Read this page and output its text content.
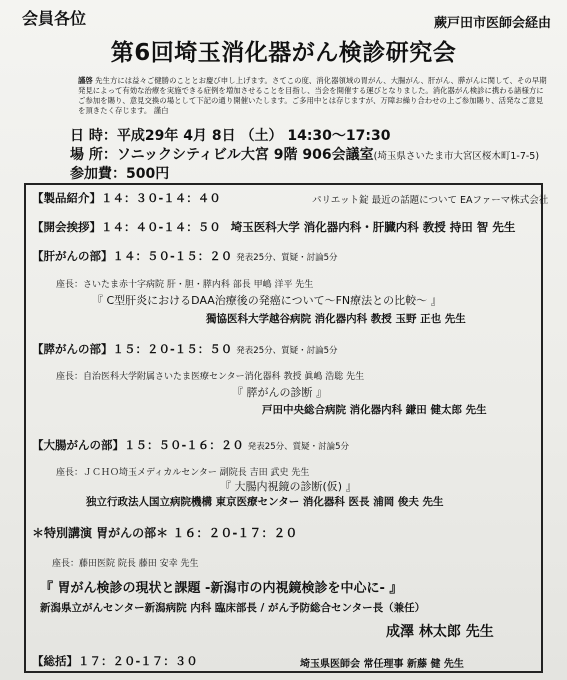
会員各位	蕨戸田市医師会経由
第6回埼玉消化器がん検診研究会
謹啓 先生方には益々ご健勝のこととお慶び申し上げます。さてこの度、消化器領域の胃がん、大腸がん、肝がん、膵がんに関して、その早期発見によって有効な治療を実施できる症例を増加させることを目指し、当会を開催する運びとなりました。消化器がん検診に携わる諸様方にご参加を賜り、意見交換の場として下記の通り開催いたします。ご多用中とは存じますが、万障お繰り合わせの上ご参加賜り、活発なご意見を頂きたく存じます。 謹白
日 時：平成29年 4月 8日 （土） 14:30〜17:30
場 所：ソニックシティビル大宮 9階 906会議室(埼玉県さいたま市大宮区桜木町1-7-5)
参加費：500円
【製品紹介】１４：３０-１４：４０	パリエット錠 最近の話題について EAファーマ株式会社
【開会挨拶】１４：４０-１４：５０ 埼玉医科大学 消化器内科・肝臓内科 教授 持田 智 先生
【肝がんの部】１４：５０-１５：２０ 発表25分、質疑・討論5分
座長：さいたま赤十字病院 肝・胆・膵内科 部長 甲嶋 洋平 先生
『 C型肝炎におけるDAA治療後の発癌について〜FN療法との比較〜 』
獨協医科大学越谷病院 消化器内科 教授 玉野 正也 先生
【膵がんの部】１５：２０-１５：５０ 発表25分、質疑・討論5分
座長：自治医科大学附属さいたま医療センター消化器科 教授 眞嶋 浩聡 先生
『 膵がんの診断 』
戸田中央総合病院 消化器内科 鎌田 健太郎 先生
【大腸がんの部】１５：５０-１６：２０ 発表25分、質疑・討論5分
座長：ＪＣＨＯ埼玉メディカルセンター 副院長 吉田 武史 先生
『 大腸内視鏡の診断(仮) 』
独立行政法人国立病院機構 東京医療センター 消化器科 医長 浦岡 俊夫 先生
＊特別講演 胃がんの部＊ １６：２０-１７：２０
座長：藤田医院 院長 藤田 安幸 先生
『 胃がん検診の現状と課題 -新潟市の内視鏡検診を中心に- 』
新潟県立がんセンター新潟病院 内科 臨床部長 / がん予防総合センター長（兼任）
成澤 林太郎 先生
【総括】１７：２０-１７：３０	埼玉県医師会 常任理事 新藤 健 先生
